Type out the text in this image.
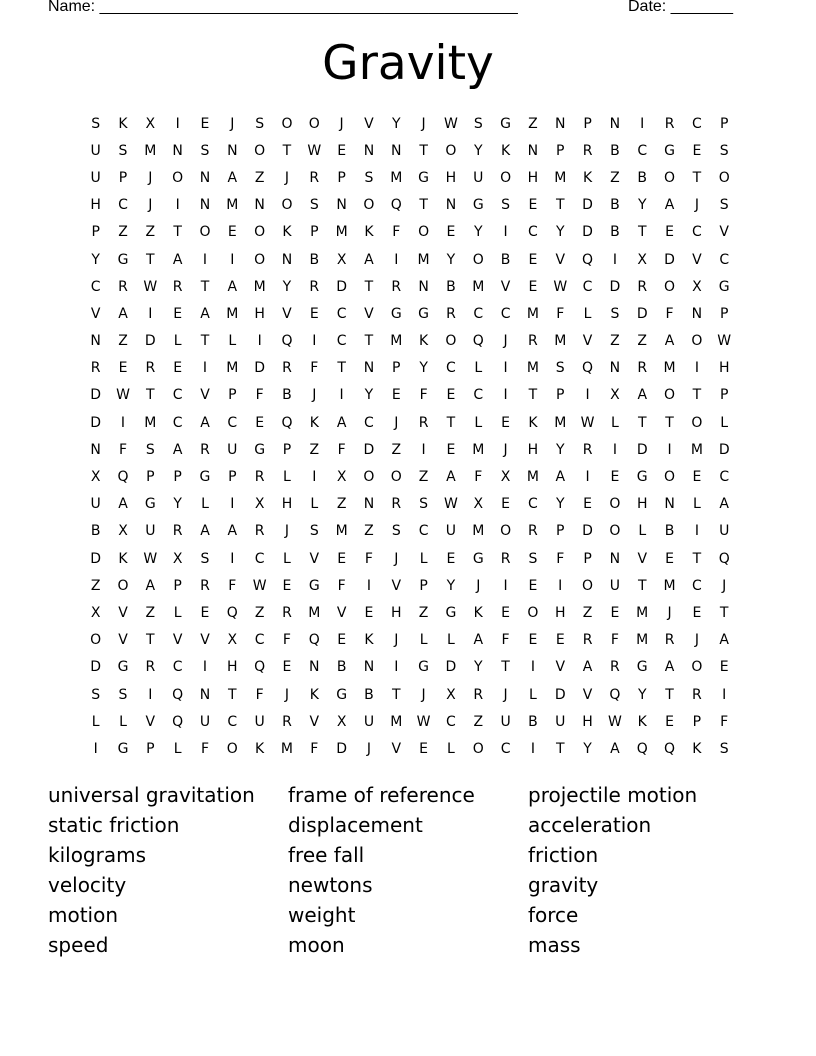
Name: _______________________________________________	Date: _______
Gravity
S	K	X	I	E	J	S	O	O	J	V	Y	J	W	S	G	Z	N	P	N	I	R	C	P
U	S	M	N	S	N	O	T	W	E	N	N	T	O	Y	K	N	P	R	B	C	G	E	S
U	P	J	O	N	A	Z	J	R	P	S	M	G	H	U	O	H	M	K	Z	B	O	T	O
H	C	J	I	N	M	N	O	S	N	O	Q	T	N	G	S	E	T	D	B	Y	A	J	S
P	Z	Z	T	O	E	O	K	P	M	K	F	O	E	Y	I	C	Y	D	B	T	E	C	V
Y	G	T	A	I	I	O	N	B	X	A	I	M	Y	O	B	E	V	Q	I	X	D	V	C
C	R	W	R	T	A	M	Y	R	D	T	R	N	B	M	V	E	W	C	D	R	O	X	G
V	A	I	E	A	M	H	V	E	C	V	G	G	R	C	C	M	F	L	S	D	F	N	P
N	Z	D	L	T	L	I	Q	I	C	T	M	K	O	Q	J	R	M	V	Z	Z	A	O	W
R	E	R	E	I	M	D	R	F	T	N	P	Y	C	L	I	M	S	Q	N	R	M	I	H
D	W	T	C	V	P	F	B	J	I	Y	E	F	E	C	I	T	P	I	X	A	O	T	P
D	I	M	C	A	C	E	Q	K	A	C	J	R	T	L	E	K	M	W	L	T	T	O	L
N	F	S	A	R	U	G	P	Z	F	D	Z	I	E	M	J	H	Y	R	I	D	I	M	D
X	Q	P	P	G	P	R	L	I	X	O	O	Z	A	F	X	M	A	I	E	G	O	E	C
U	A	G	Y	L	I	X	H	L	Z	N	R	S	W	X	E	C	Y	E	O	H	N	L	A
B	X	U	R	A	A	R	J	S	M	Z	S	C	U	M	O	R	P	D	O	L	B	I	U
D	K	W	X	S	I	C	L	V	E	F	J	L	E	G	R	S	F	P	N	V	E	T	Q
Z	O	A	P	R	F	W	E	G	F	I	V	P	Y	J	I	E	I	O	U	T	M	C	J
X	V	Z	L	E	Q	Z	R	M	V	E	H	Z	G	K	E	O	H	Z	E	M	J	E	T
O	V	T	V	V	X	C	F	Q	E	K	J	L	L	A	F	E	E	R	F	M	R	J	A
D	G	R	C	I	H	Q	E	N	B	N	I	G	D	Y	T	I	V	A	R	G	A	O	E
S	S	I	Q	N	T	F	J	K	G	B	T	J	X	R	J	L	D	V	Q	Y	T	R	I
L	L	V	Q	U	C	U	R	V	X	U	M	W	C	Z	U	B	U	H	W	K	E	P	F
I	G	P	L	F	O	K	M	F	D	J	V	E	L	O	C	I	T	Y	A	Q	Q	K	S
universal gravitation	frame of reference	projectile motion
static friction	displacement	acceleration
kilograms	free fall	friction
velocity	newtons	gravity
motion	weight	force
speed	moon	mass
